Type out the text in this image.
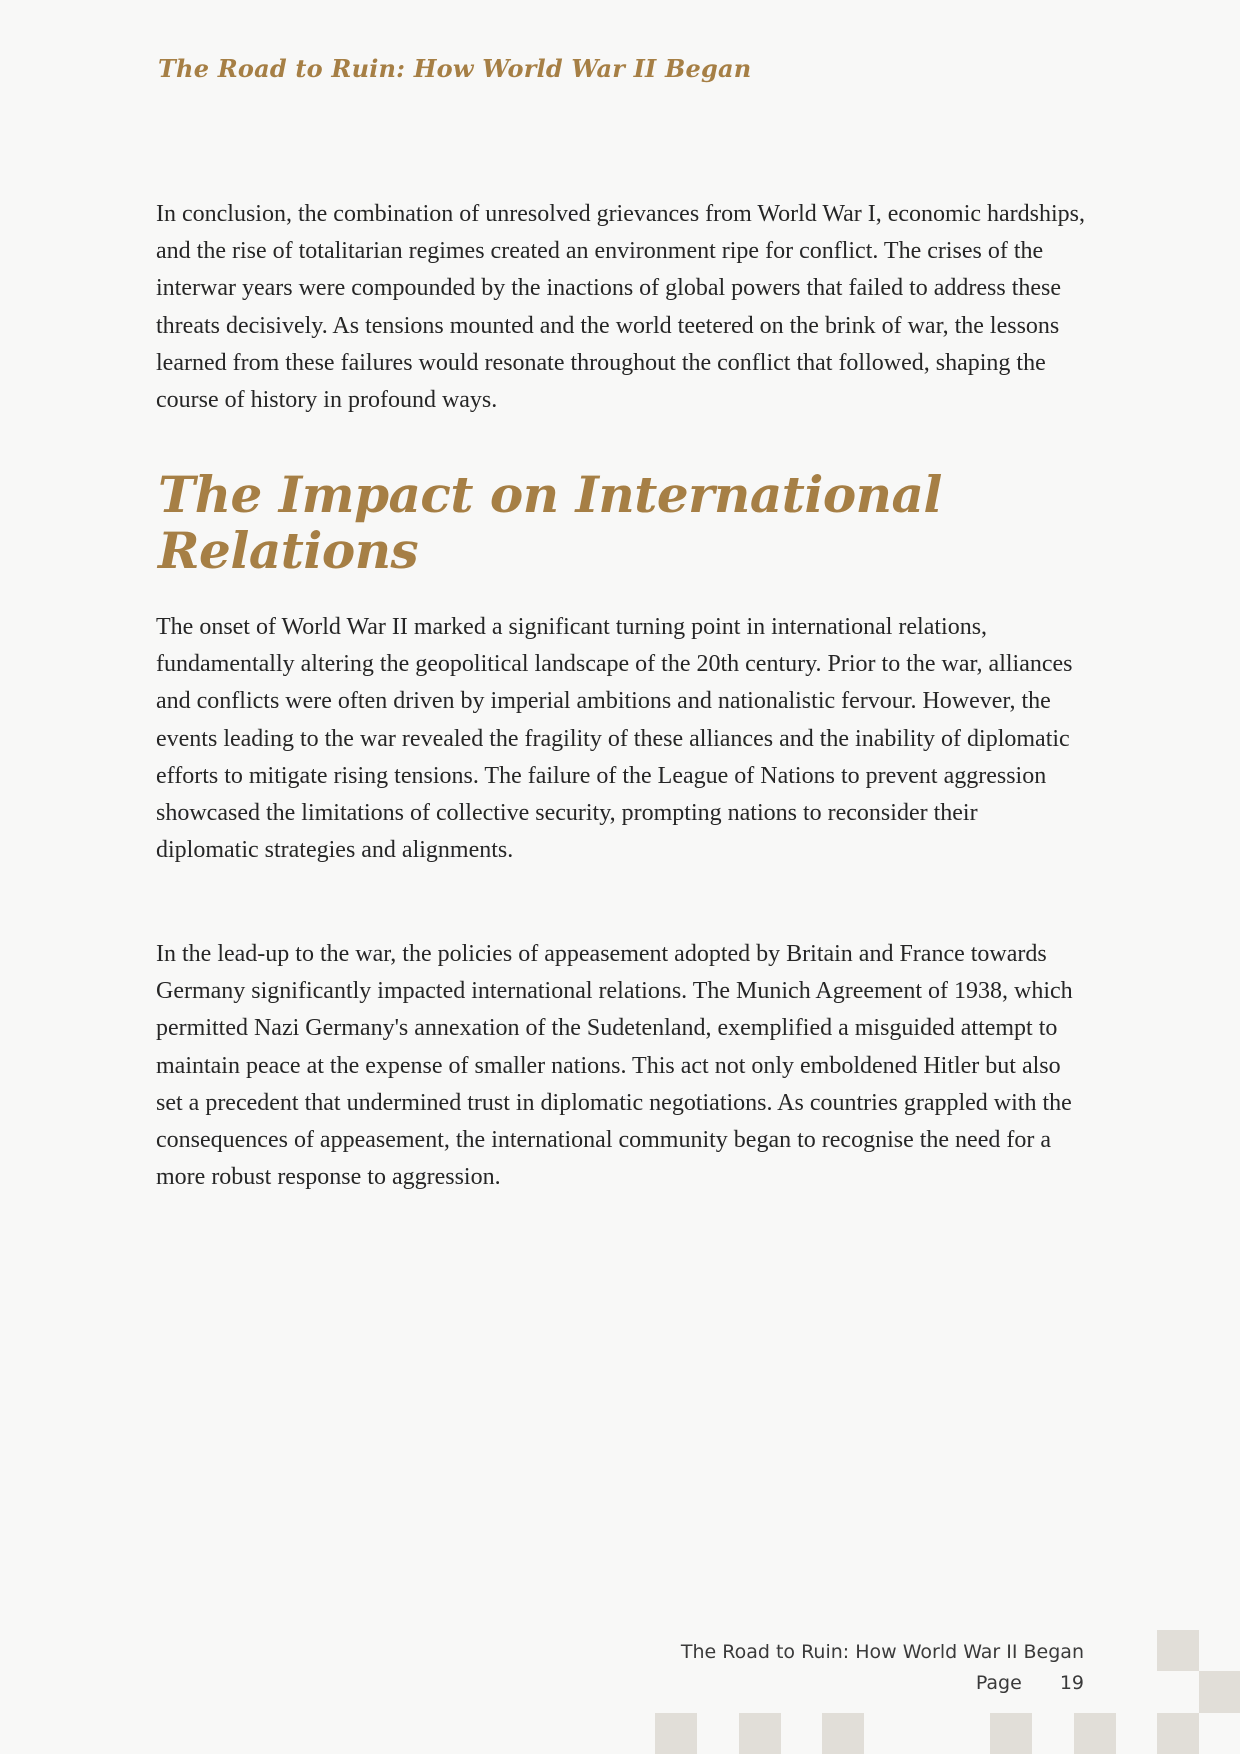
The Road to Ruin: How World War II Began

In conclusion, the combination of unresolved grievances from World War I, economic hardships, and the rise of totalitarian regimes created an environment ripe for conflict. The crises of the interwar years were compounded by the inactions of global powers that failed to address these threats decisively. As tensions mounted and the world teetered on the brink of war, the lessons learned from these failures would resonate throughout the conflict that followed, shaping the course of history in profound ways.

The Impact on International Relations

The onset of World War II marked a significant turning point in international relations, fundamentally altering the geopolitical landscape of the 20th century. Prior to the war, alliances and conflicts were often driven by imperial ambitions and nationalistic fervour. However, the events leading to the war revealed the fragility of these alliances and the inability of diplomatic efforts to mitigate rising tensions. The failure of the League of Nations to prevent aggression showcased the limitations of collective security, prompting nations to reconsider their diplomatic strategies and alignments.

In the lead-up to the war, the policies of appeasement adopted by Britain and France towards Germany significantly impacted international relations. The Munich Agreement of 1938, which permitted Nazi Germany's annexation of the Sudetenland, exemplified a misguided attempt to maintain peace at the expense of smaller nations. This act not only emboldened Hitler but also set a precedent that undermined trust in diplomatic negotiations. As countries grappled with the consequences of appeasement, the international community began to recognise the need for a more robust response to aggression.

The Road to Ruin: How World War II Began
Page 19
